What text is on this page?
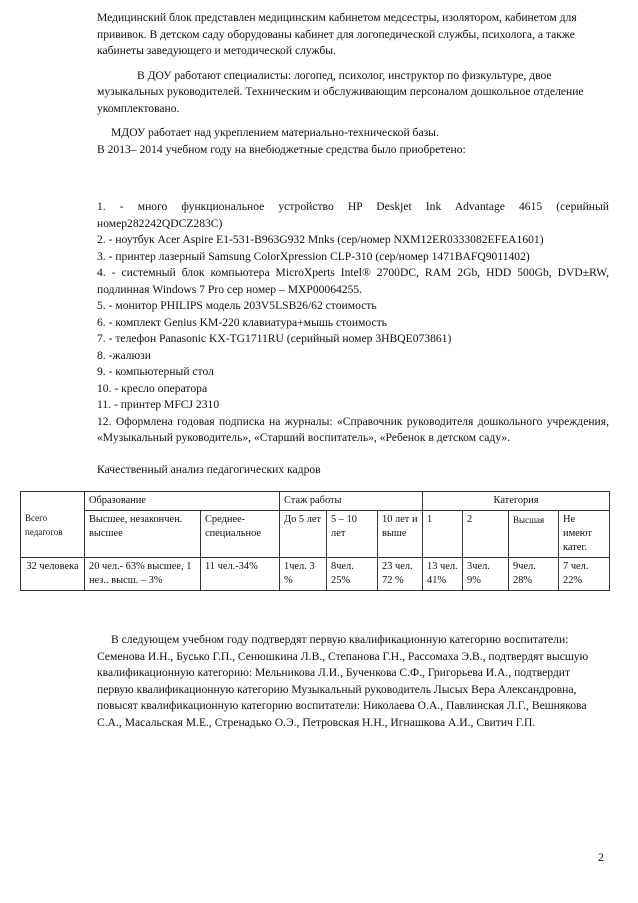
Медицинский блок представлен медицинским кабинетом медсестры, изолятором, кабинетом для прививок. В детском саду оборудованы кабинет для логопедической службы, психолога, а также кабинеты заведующего и методической службы.

В ДОУ работают специалисты: логопед, психолог, инструктор по физкультуре, двое музыкальных руководителей. Техническим и обслуживающим персоналом дошкольное отделение укомплектовано.

МДОУ работает над укреплением материально-технической базы.

В 2013– 2014 учебном году на внебюджетные средства было приобретено:

1. - много функциональное устройство HP Deskjet Ink Advantage 4615 (серийный номер282242QDCZ283C)
2. - ноутбук Acer Aspire E1-531-B963G932 Mnks (сер/номер NXM12ER0333082EFEA1601)
3. - принтер лазерный Samsung ColorXpression CLP-310 (сер/номер 1471BAFQ9011402)
4. - системный блок компьютера MicroXperts Intel® 2700DC, RAM 2Gb, HDD 500Gb, DVD±RW, подлинная Windows 7 Pro сер номер – MXP00064255.
5. - монитор PHILIPS модель 203V5LSB26/62 стоимость
6. - комплект Genius KM-220 клавиатура+мышь стоимость
7. - телефон Panasonic KX-TG1711RU (серийный номер 3HBQE073861)
8. -жалюзи
9. - компьютерный стол
10. - кресло оператора
11. - принтер MFCJ 2310
12. Оформлена годовая подписка на журналы: «Справочник руководителя дошкольного учреждения, «Музыкальный руководитель», «Старший воспитатель», «Ребенок в детском саду».
Качественный анализ педагогических кадров
Всего педагогов	Образование		Стаж работы			Категория			
	Высшее, незакончен. высшее	Среднее-специальное	До 5 лет	5 – 10 лет	10 лет и выше	1	2	Высшая	Не имеют катег.
32 человека	20 чел.- 63% высшее, 1 нез.. высш. – 3%	11 чел.-34%	1чел. 3 %	8чел. 25%	23 чел. 72 %	13 чел. 41%	3чел. 9%	9чел. 28%	7 чел. 22%
В следующем учебном году подтвердят первую квалификационную категорию воспитатели: Семенова И.Н., Бусько Г.П., Сенюшкина Л.В., Степанова Г.Н., Рассомаха Э.В., подтвердят высшую квалификационную категорию: Мельникова Л.И., Бученкова С.Ф., Григорьева И.А., подтвердит первую квалификационную категорию Музыкальный руководитель Лысых Вера Александровна, повысят квалификационную категорию воспитатели: Николаева О.А., Павлинская Л.Г., Вешнякова С.А., Масальская М.Е., Стренадько О.Э., Петровская Н.Н., Игнашкова А.И., Свитич Г.П.
2
